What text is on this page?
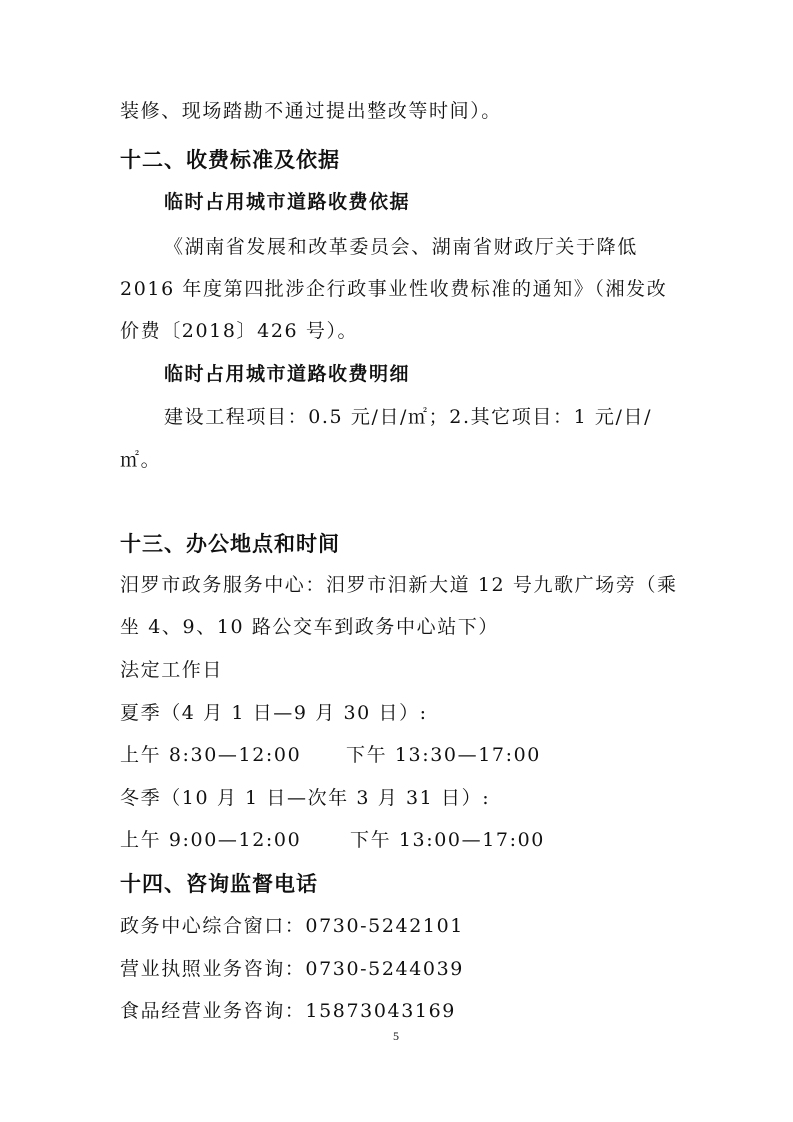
装修、现场踏勘不通过提出整改等时间）。
十二、收费标准及依据
临时占用城市道路收费依据
《湖南省发展和改革委员会、湖南省财政厅关于降低
2016 年度第四批涉企行政事业性收费标准的通知》（湘发改
价费〔2018〕426 号）。
临时占用城市道路收费明细
建设工程项目：0.5 元/日/㎡；2.其它项目：1 元/日/
㎡。
十三、办公地点和时间
汨罗市政务服务中心：汨罗市汨新大道 12 号九歌广场旁（乘
坐 4、9、10 路公交车到政务中心站下）
法定工作日
夏季（4 月 1 日—9 月 30 日）:
上午 8:30—12:00 下午 13:30—17:00
冬季（10 月 1 日—次年 3 月 31 日）:
上午 9:00—12:00	下午 13:00—17:00
十四、咨询监督电话
政务中心综合窗口：0730-5242101
营业执照业务咨询：0730-5244039
食品经营业务咨询：15873043169
5
